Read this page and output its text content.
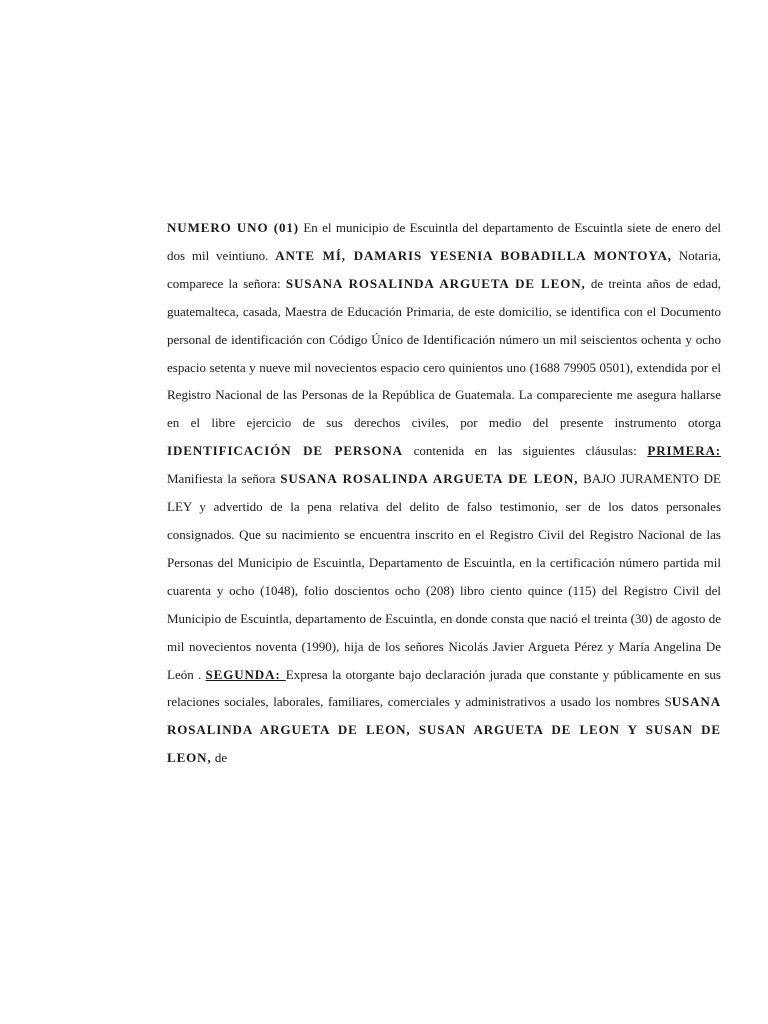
NUMERO UNO (01) En el municipio de Escuintla del departamento de Escuintla siete de enero del dos mil veintiuno. ANTE MÍ, DAMARIS YESENIA BOBADILLA MONTOYA, Notaria, comparece la señora: SUSANA ROSALINDA ARGUETA DE LEON, de treinta años de edad, guatemalteca, casada, Maestra de Educación Primaria, de este domicilio, se identifica con el Documento personal de identificación con Código Único de Identificación número un mil seiscientos ochenta y ocho espacio setenta y nueve mil novecientos espacio cero quinientos uno (1688 79905 0501), extendida por el Registro Nacional de las Personas de la República de Guatemala. La compareciente me asegura hallarse en el libre ejercicio de sus derechos civiles, por medio del presente instrumento otorga IDENTIFICACIÓN DE PERSONA contenida en las siguientes cláusulas: PRIMERA: Manifiesta la señora SUSANA ROSALINDA ARGUETA DE LEON, BAJO JURAMENTO DE LEY y advertido de la pena relativa del delito de falso testimonio, ser de los datos personales consignados. Que su nacimiento se encuentra inscrito en el Registro Civil del Registro Nacional de las Personas del Municipio de Escuintla, Departamento de Escuintla, en la certificación número partida mil cuarenta y ocho (1048), folio doscientos ocho (208) libro ciento quince (115) del Registro Civil del Municipio de Escuintla, departamento de Escuintla, en donde consta que nació el treinta (30) de agosto de mil novecientos noventa (1990), hija de los señores Nicolás Javier Argueta Pérez y María Angelina De León . SEGUNDA: Expresa la otorgante bajo declaración jurada que constante y públicamente en sus relaciones sociales, laborales, familiares, comerciales y administrativos a usado los nombres SUSANA ROSALINDA ARGUETA DE LEON, SUSAN ARGUETA DE LEON Y SUSAN DE LEON, de
